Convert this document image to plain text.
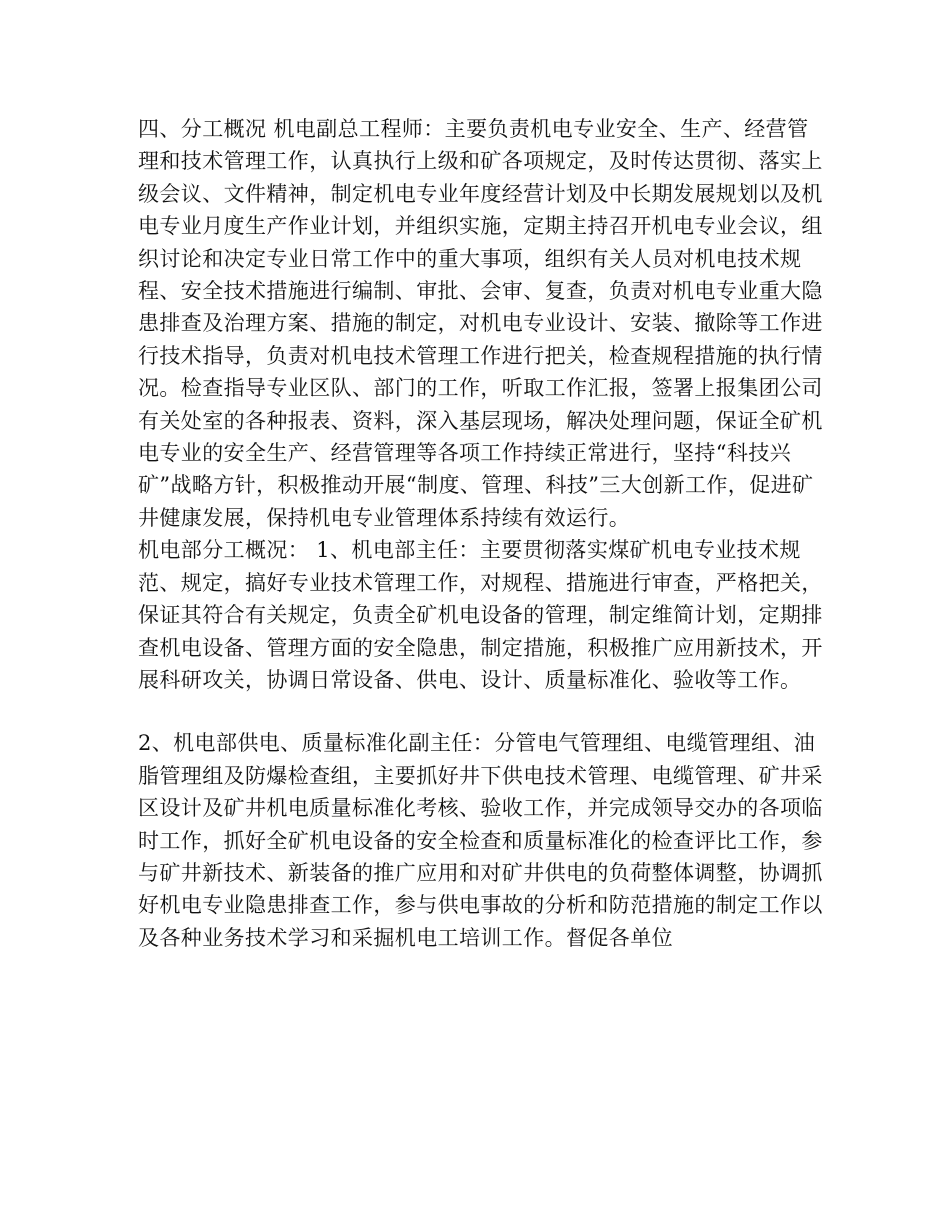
四、分工概况 机电副总工程师：主要负责机电专业安全、生产、经营管理和技术管理工作，认真执行上级和矿各项规定，及时传达贯彻、落实上级会议、文件精神，制定机电专业年度经营计划及中长期发展规划以及机电专业月度生产作业计划，并组织实施，定期主持召开机电专业会议，组织讨论和决定专业日常工作中的重大事项，组织有关人员对机电技术规程、安全技术措施进行编制、审批、会审、复查，负责对机电专业重大隐患排查及治理方案、措施的制定，对机电专业设计、安装、撤除等工作进行技术指导，负责对机电技术管理工作进行把关，检查规程措施的执行情况。检查指导专业区队、部门的工作，听取工作汇报，签署上报集团公司有关处室的各种报表、资料，深入基层现场，解决处理问题，保证全矿机电专业的安全生产、经营管理等各项工作持续正常进行，坚持“科技兴矿”战略方针，积极推动开展“制度、管理、科技”三大创新工作，促进矿井健康发展，保持机电专业管理体系持续有效运行。

机电部分工概况： 1、机电部主任：主要贯彻落实煤矿机电专业技术规范、规定，搞好专业技术管理工作，对规程、措施进行审查，严格把关，保证其符合有关规定，负责全矿机电设备的管理，制定维简计划，定期排查机电设备、管理方面的安全隐患，制定措施，积极推广应用新技术，开展科研攻关，协调日常设备、供电、设计、质量标准化、验收等工作。

2、机电部供电、质量标准化副主任：分管电气管理组、电缆管理组、油脂管理组及防爆检查组，主要抓好井下供电技术管理、电缆管理、矿井采区设计及矿井机电质量标准化考核、验收工作，并完成领导交办的各项临时工作，抓好全矿机电设备的安全检查和质量标准化的检查评比工作，参与矿井新技术、新装备的推广应用和对矿井供电的负荷整体调整，协调抓好机电专业隐患排查工作，参与供电事故的分析和防范措施的制定工作以及各种业务技术学习和采掘机电工培训工作。督促各单位
